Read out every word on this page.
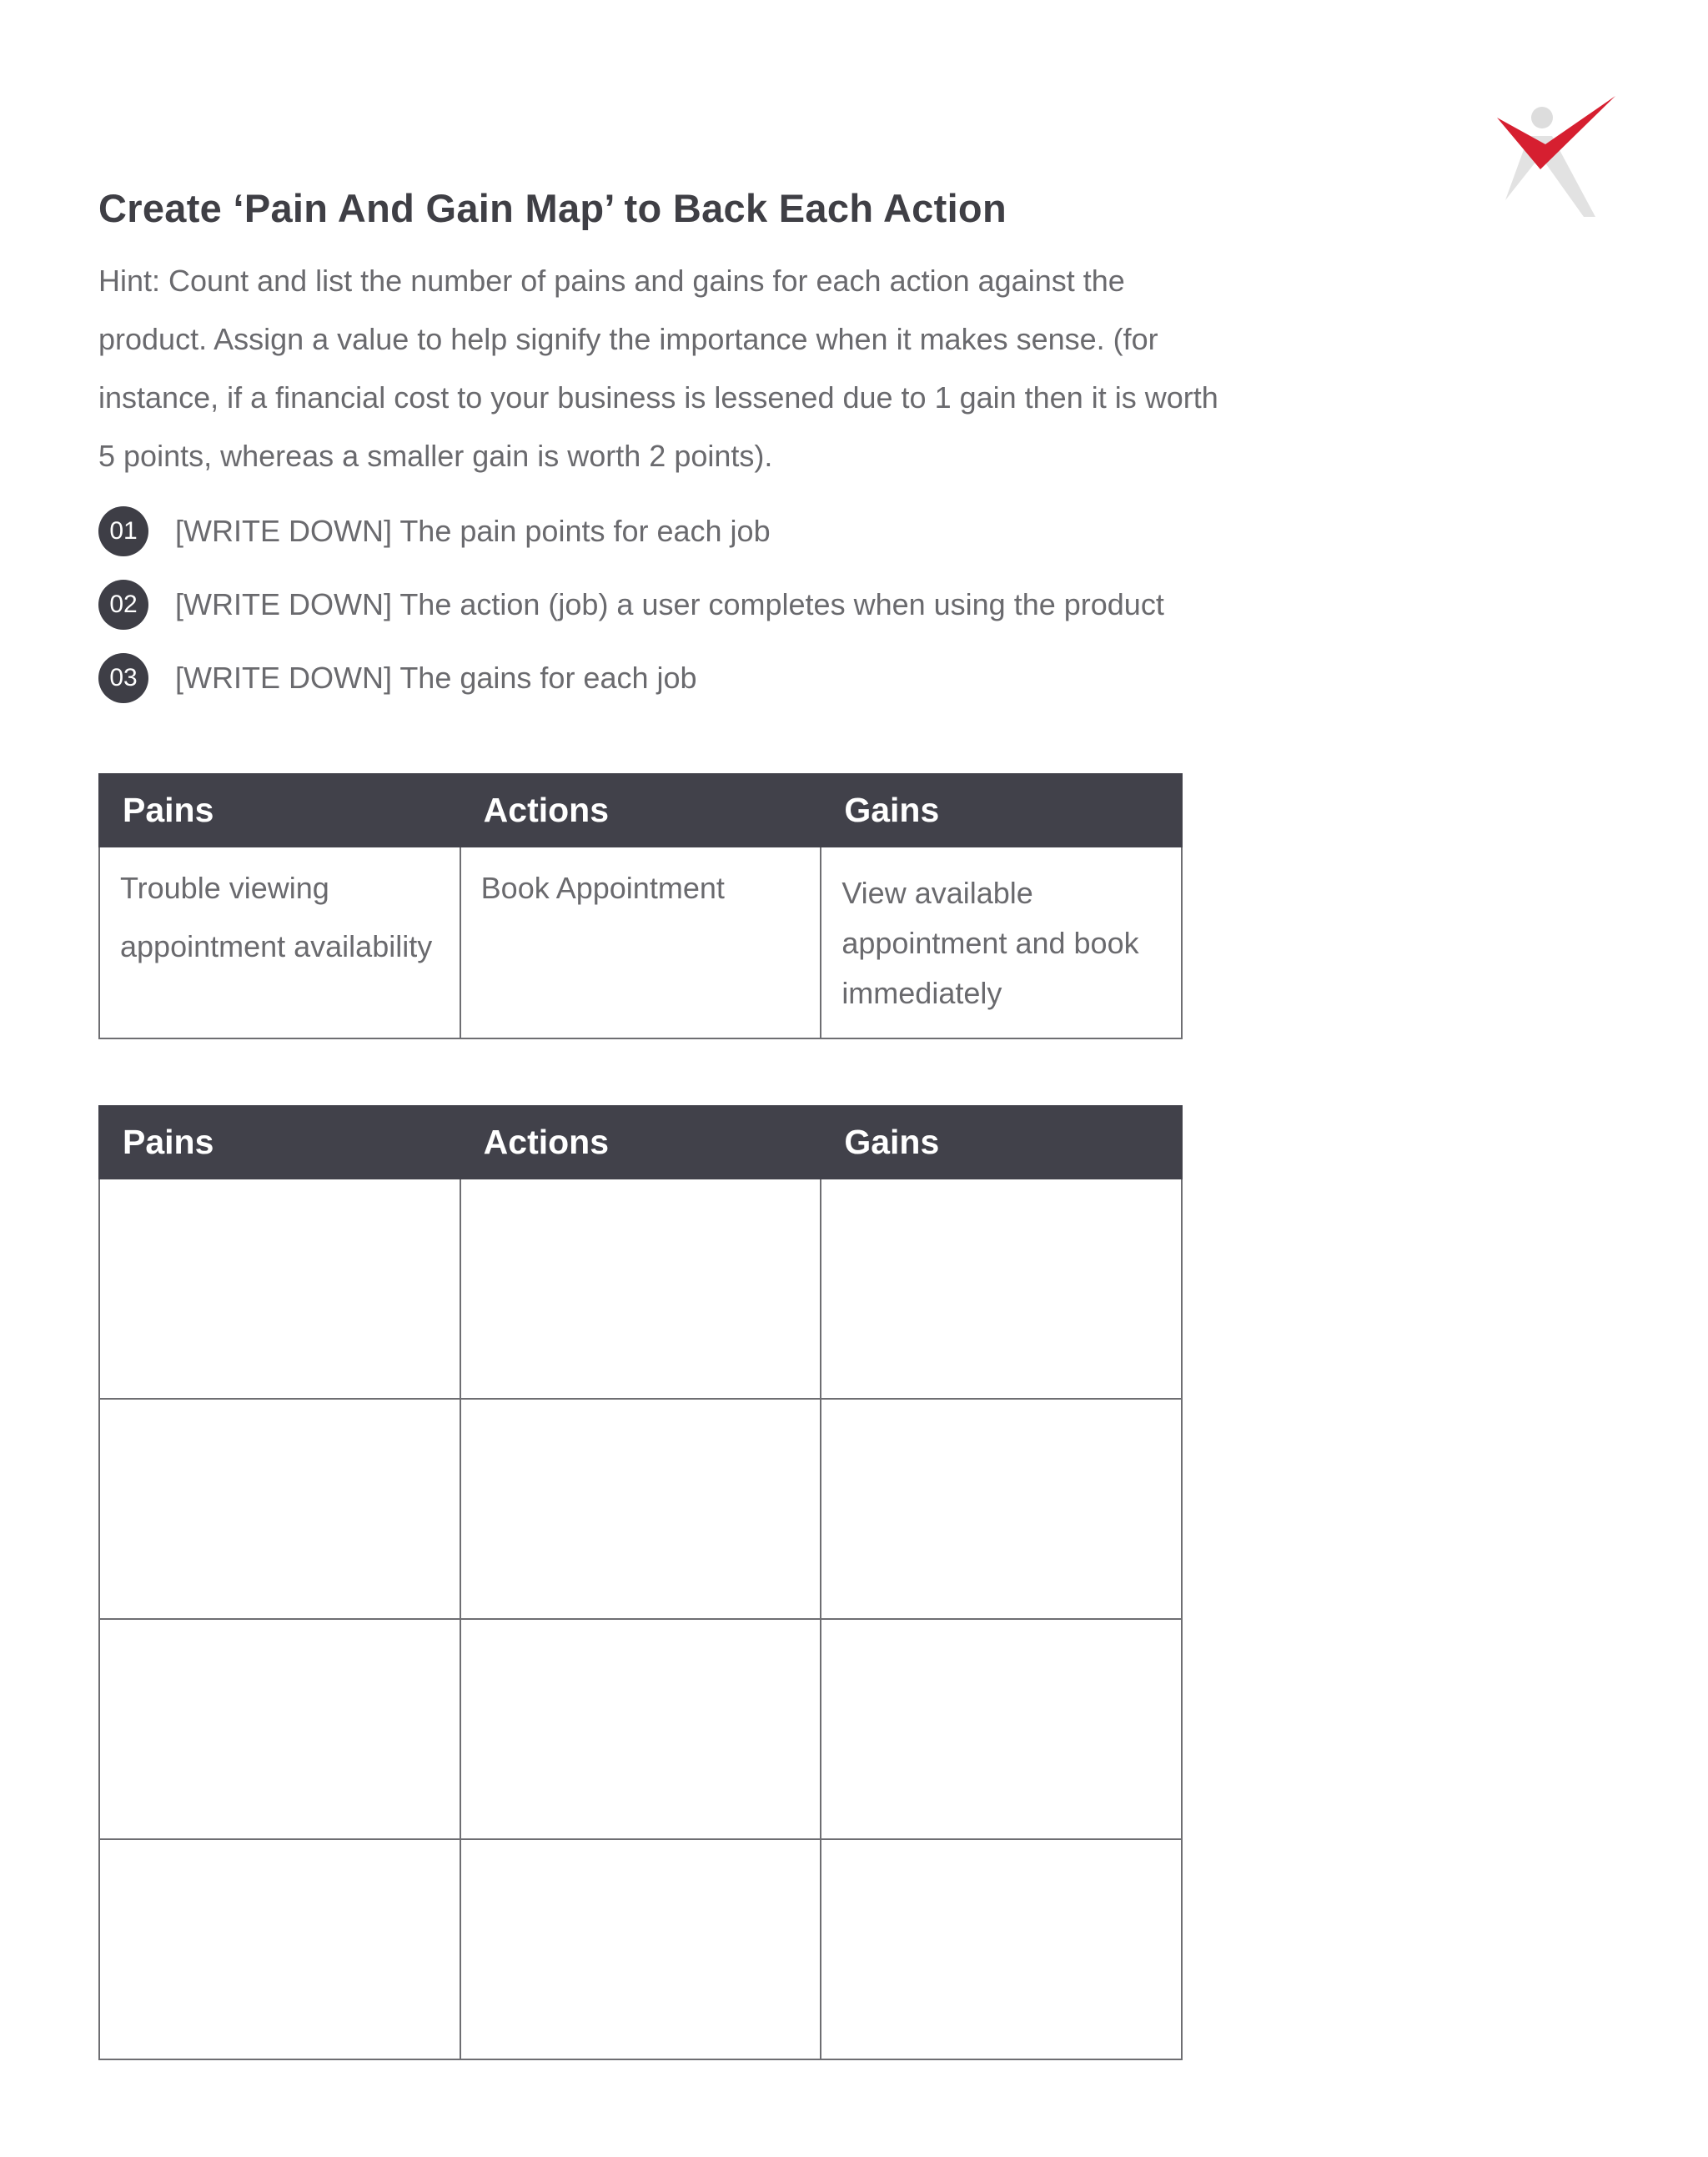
Create ‘Pain And Gain Map’ to Back Each Action

Hint: Count and list the number of pains and gains for each action against the product. Assign a value to help signify the importance when it makes sense. (for instance, if a financial cost to your business is lessened due to 1 gain then it is worth 5 points, whereas a smaller gain is worth 2 points).

01	[WRITE DOWN] The pain points for each job
02	[WRITE DOWN] The action (job) a user completes when using the product
03	[WRITE DOWN] The gains for each job
Pains	Actions	Gains
Trouble viewing appointment availability	Book Appointment	View available appointment and book immediately
Pains	Actions	Gains
